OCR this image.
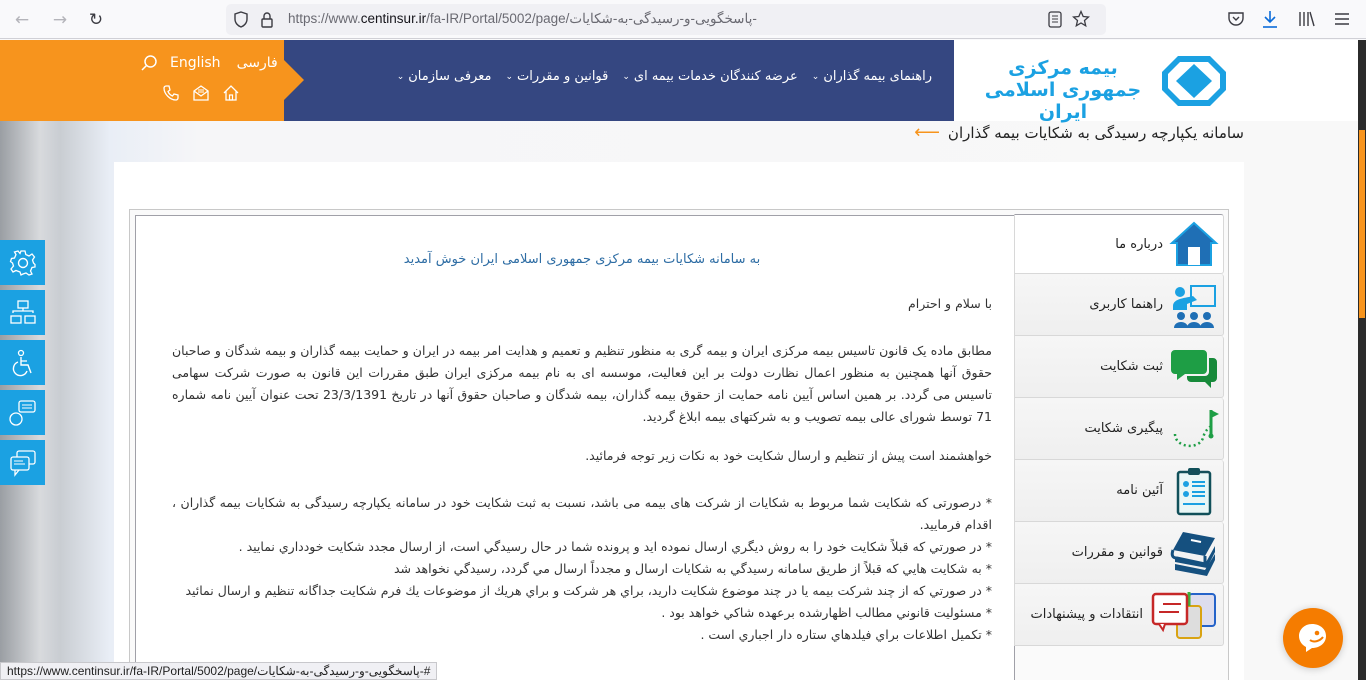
← → ↻	https://www.centinsur.ir/fa-IR/Portal/5002/page/پاسخگویی-و-رسیدگی-به-شکایات-
English فارسی
معرفی سازمان
⌄	قوانین و مقررات
⌄	عرضه کنندگان خدمات بیمه ای
⌄	راهنمای بیمه گذاران
⌄	بیمه مرکزی
جمهوری اسلامی ایران
سامانه یکپارچه رسیدگی به شکایات بیمه گذاران
⟵
به سامانه شکایات بیمه مرکزی جمهوری اسلامی ایران خوش آمدید
با سلام و احترام
مطابق ماده یک قانون تاسیس بیمه مرکزی ایران و بیمه گری به منظور تنظیم و تعمیم و هدایت امر بیمه در ایران و حمایت بیمه گذاران و بیمه شدگان و صاحبان حقوق آنها همچنین به منظور اعمال نظارت دولت بر این فعالیت، موسسه ای به نام بیمه مرکزی ایران طبق مقررات این قانون به صورت شرکت سهامی تاسیس می گردد. بر همین اساس آیین نامه حمایت از حقوق بیمه گذاران، بیمه شدگان و صاحبان حقوق آنها در تاریخ 23/3/1391 تحت عنوان آیین نامه شماره 71 توسط شورای عالی بیمه تصویب و به شرکتهای بیمه ابلاغ گردید.
خواهشمند است پیش از تنظیم و ارسال شکایت خود به نکات زیر توجه فرمائید.
* درصورتی که شکایت شما مربوط به شکایات از شرکت های بیمه می باشد، نسبت به ثبت شکایت خود در سامانه یکپارچه رسیدگی به شکایات بیمه گذاران ، اقدام فرمایید.
* در صورتي كه قبلاً شكايت خود را به روش ديگري ارسال نموده ايد و پرونده شما در حال رسيدگي است، از ارسال مجدد شكايت خودداري نماييد .
* به شكايت هايي كه قبلاً از طريق سامانه رسيدگي به شكايات ارسال و مجدداً ارسال مي گردد، رسيدگي نخواهد شد
* در صورتي كه از چند شركت بيمه يا در چند موضوع شكايت داريد، براي هر شركت و براي هريك از موضوعات يك فرم شكايت جداگانه تنظيم و ارسال نمائيد
* مسئوليت قانوني مطالب اظهارشده برعهده شاكي خواهد بود .
* تكميل اطلاعات براي فيلدهاي ستاره دار اجباري است .
درباره ما
راهنما کاربری
ثبت شکایت
پیگیری شکایت
آئین نامه
قوانین و مقررات
انتقادات و پیشنهادات
https://www.centinsur.ir/fa-IR/Portal/5002/page/پاسخگویی-و-رسیدگی-به-شکایات-#
